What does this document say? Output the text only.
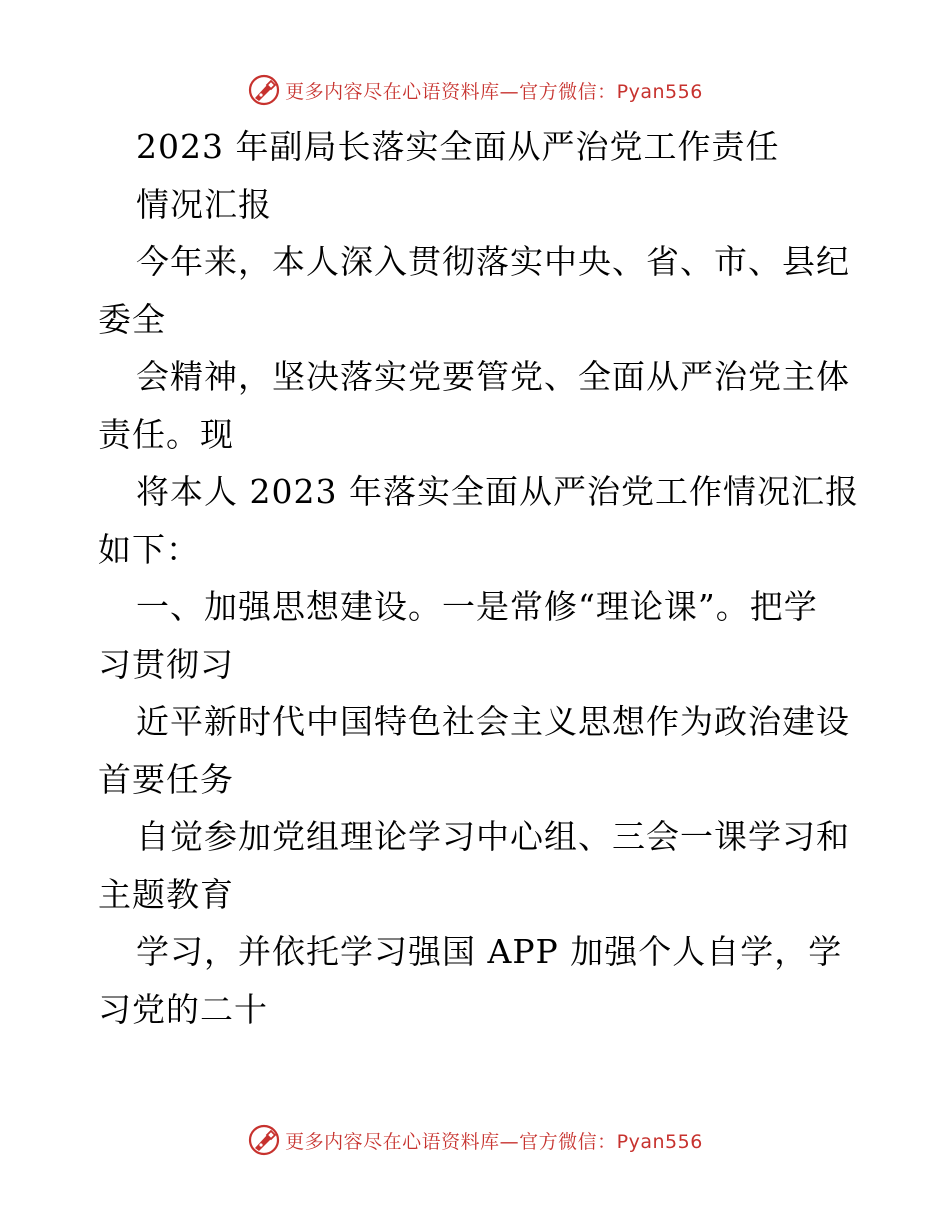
更多内容尽在心语资料库—官方微信：Pyan556
2023 年副局长落实全面从严治党工作责任
情况汇报
今年来，本人深入贯彻落实中央、省、市、县纪
委全
会精神，坚决落实党要管党、全面从严治党主体
责任。现
将本人 2023 年落实全面从严治党工作情况汇报
如下：
一、加强思想建设。一是常修“理论课”。把学
习贯彻习
近平新时代中国特色社会主义思想作为政治建设
首要任务
自觉参加党组理论学习中心组、三会一课学习和
主题教育
学习，并依托学习强国 APP 加强个人自学，学
习党的二十
更多内容尽在心语资料库—官方微信：Pyan556
